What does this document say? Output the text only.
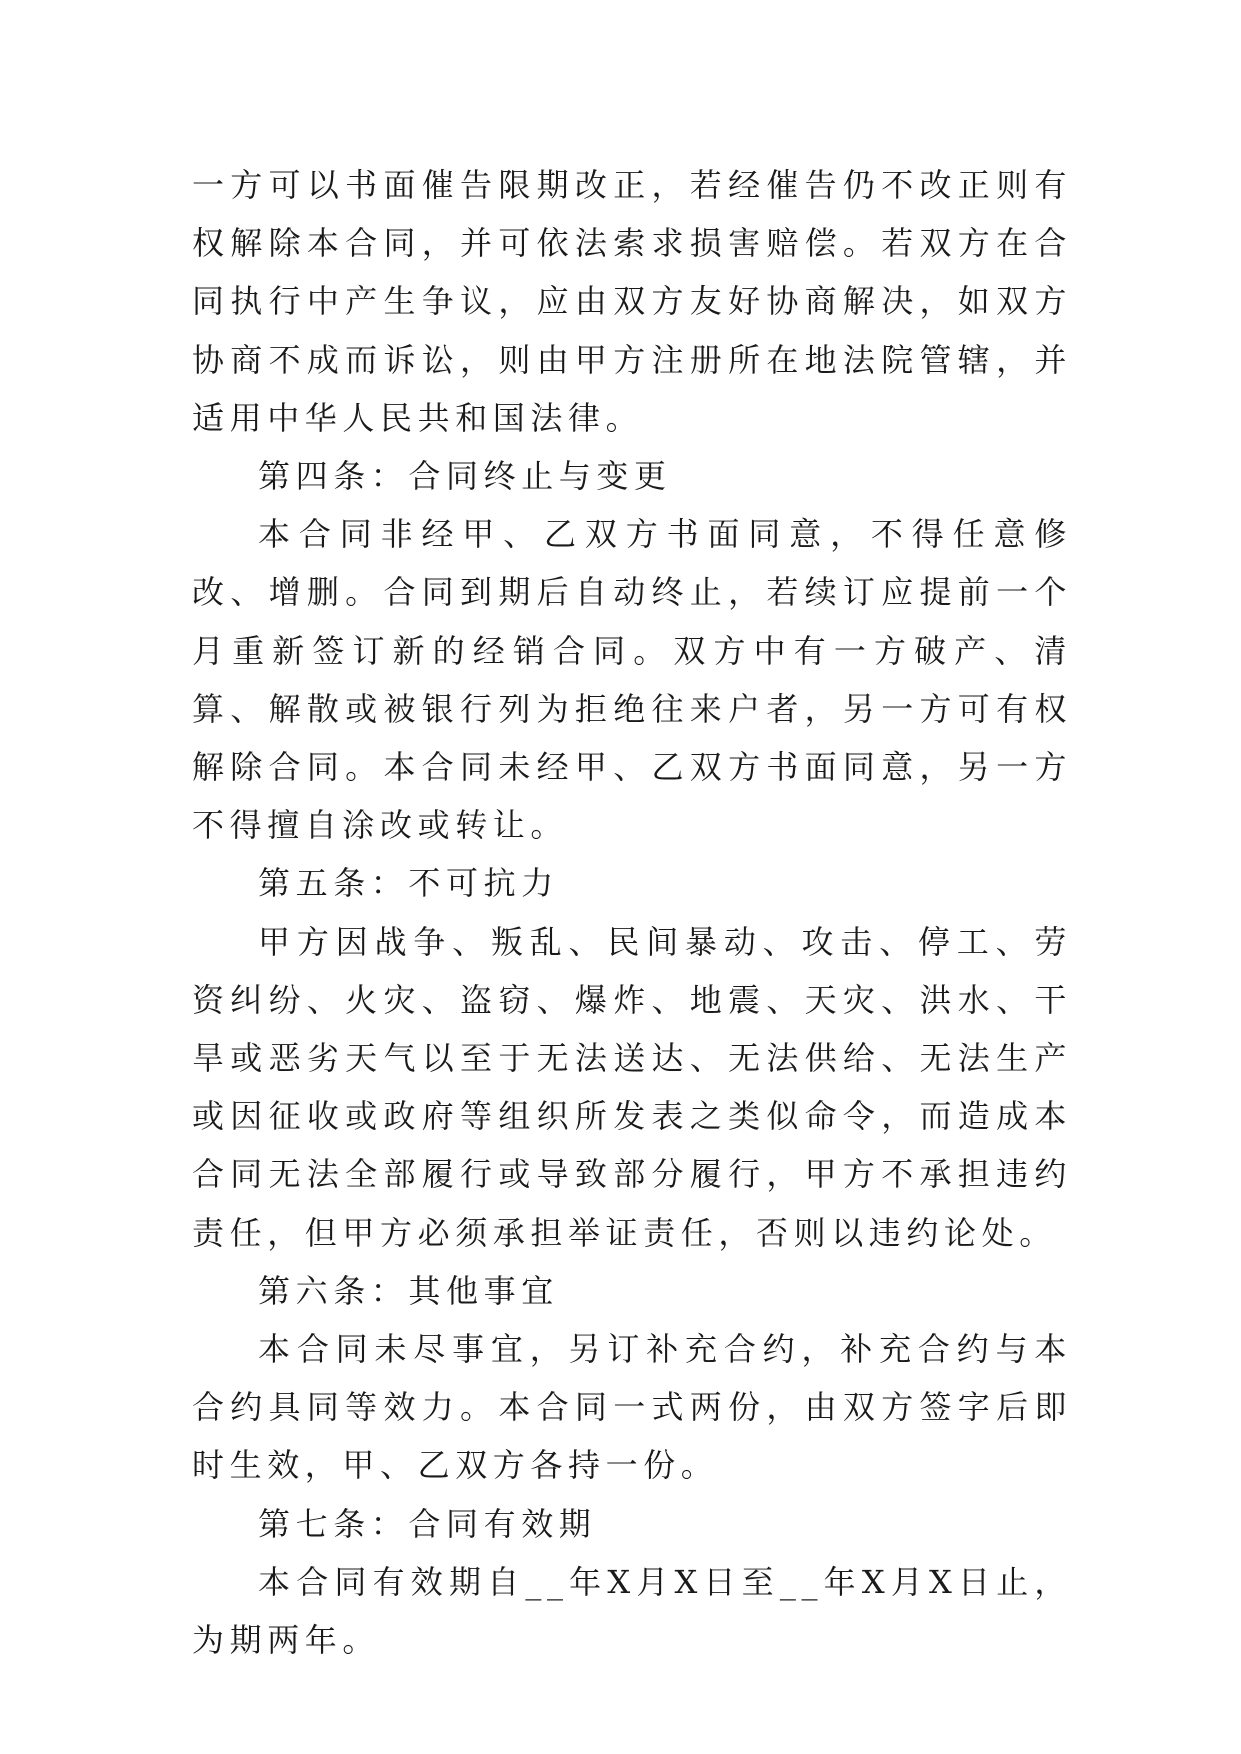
一方可以书面催告限期改正，若经催告仍不改正则有权解除本合同，并可依法索求损害赔偿。若双方在合同执行中产生争议，应由双方友好协商解决，如双方协商不成而诉讼，则由甲方注册所在地法院管辖，并适用中华人民共和国法律。

第四条：合同终止与变更

本合同非经甲、乙双方书面同意，不得任意修改、增删。合同到期后自动终止，若续订应提前一个月重新签订新的经销合同。双方中有一方破产、清算、解散或被银行列为拒绝往来户者，另一方可有权解除合同。本合同未经甲、乙双方书面同意，另一方不得擅自涂改或转让。

第五条：不可抗力

甲方因战争、叛乱、民间暴动、攻击、停工、劳资纠纷、火灾、盗窃、爆炸、地震、天灾、洪水、干旱或恶劣天气以至于无法送达、无法供给、无法生产或因征收或政府等组织所发表之类似命令，而造成本合同无法全部履行或导致部分履行，甲方不承担违约责任，但甲方必须承担举证责任，否则以违约论处。

第六条：其他事宜

本合同未尽事宜，另订补充合约，补充合约与本合约具同等效力。本合同一式两份，由双方签字后即时生效，甲、乙双方各持一份。

第七条：合同有效期

本合同有效期自__年X月X日至__年X月X日止，为期两年。
